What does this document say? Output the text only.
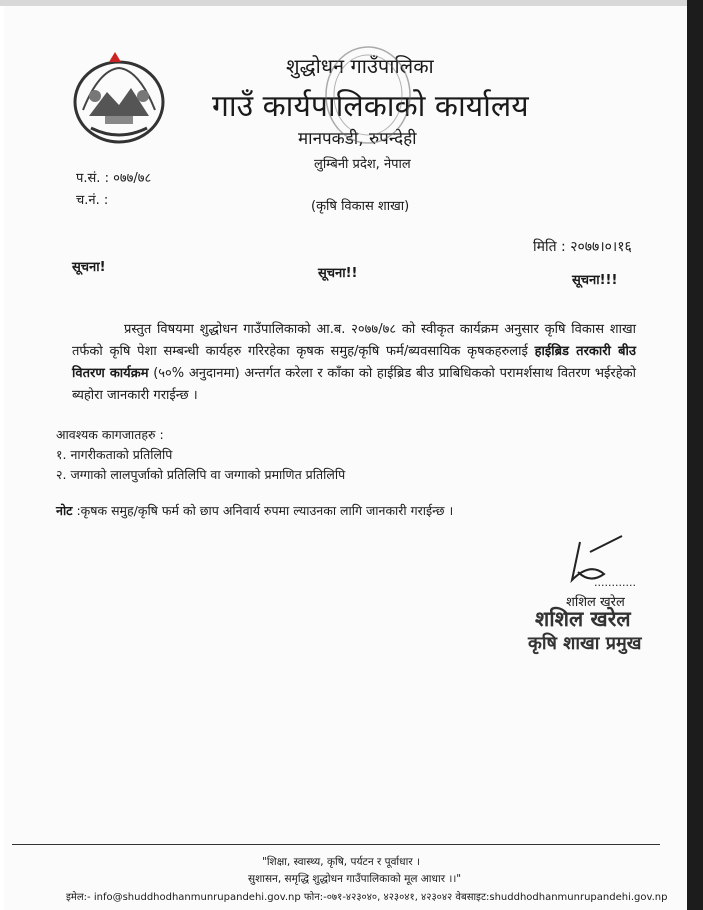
शुद्धोधन गाउँपालिका
गाउँ कार्यपालिकाको कार्यालय
मानपकडी, रुपन्देही
लुम्बिनी प्रदेश, नेपाल
प.सं. : ०७७/७८
च.नं. :	(कृषि विकास शाखा)
मिति : २०७७।०।१६
सूचना!	सूचना!!	सूचना!!!
प्रस्तुत विषयमा शुद्धोधन गाउँपालिकाको आ.ब. २०७७/७८ को स्वीकृत कार्यक्रम अनुसार कृषि विकास शाखा तर्फको कृषि पेशा सम्बन्धी कार्यहरु गरिरहेका कृषक समुह/कृषि फर्म/ब्यवसायिक कृषकहरुलाई हाईब्रिड तरकारी बीउ वितरण कार्यक्रम (५०% अनुदानमा) अन्तर्गत करेला र काँका को हाईब्रिड बीउ प्राबिधिकको परामर्शसाथ वितरण भईरहेको ब्यहोरा जानकारी गराईन्छ ।
आवश्यक कागजातहरु :
१. नागरीकताको प्रतिलिपि
२. जग्गाको लालपुर्जाको प्रतिलिपि वा जग्गाको प्रमाणित प्रतिलिपि
नोट :कृषक समुह/कृषि फर्म को छाप अनिवार्य रुपमा ल्याउनका लागि जानकारी गराईन्छ ।
............
शशिल खरेल
शशिल खरेल
कृषि शाखा प्रमुख
"शिक्षा, स्वास्थ्य, कृषि, पर्यटन र पूर्वाधार ।
सुशासन, समृद्धि शुद्धोधन गाउँपालिकाको मूल आधार ।।"
इमेल:- info@shuddhodhanmunrupandehi.gov.np फोन:-०७१-४२३०४०, ४२३०४१, ४२३०४२ वेबसाइट:shuddhodhanmunrupandehi.gov.np
